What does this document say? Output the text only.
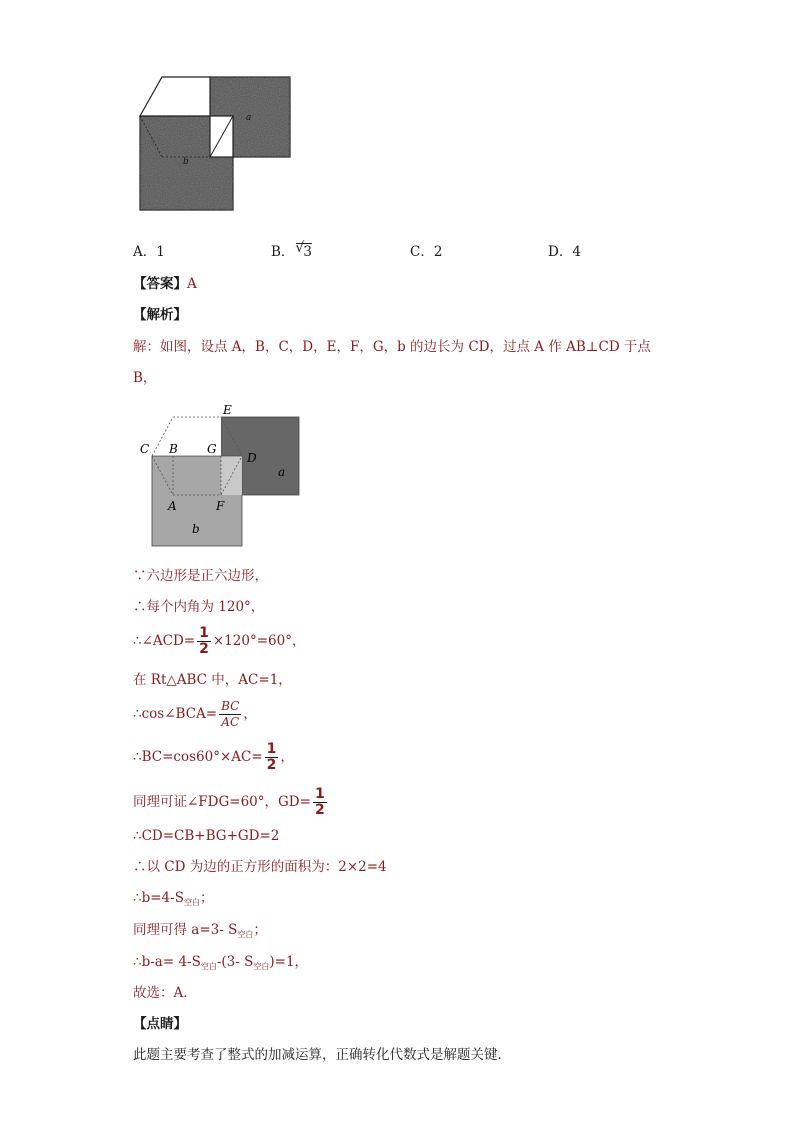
a
b
A．1	B． √ 3	C．2	D．4
【答案】A
【解析】
解：如图，设点 A，B，C，D，E，F，G，b 的边长为 CD，过点 A 作 AB⊥CD 于点
B，
E
C B G
D
a
A	F
b
∵六边形是正六边形，
∴每个内角为 120°，
∴∠ACD= $\frac{1}{2} \times 120^\circ=60^\circ$，
在 Rt△ABC 中，AC=1，
∴cos∠BCA= $\frac{BC}{AC}$ ，
∴BC=cos60°×AC= $\frac{1}{2}$ ，
同理可证∠FDG=60°，$GD= \frac{1}{2}$
∴CD=CB+BG+GD=2
∴以 CD 为边的正方形的面积为：2×2=4
$\therefore b=4-S_{空白}$；
同理可得 a=3- $S_{空白}$；
∴b-a= $4-S_{空白}-(3-$ $S_{空白})=1$，
故选：A．
【点睛】
此题主要考查了整式的加减运算，正确转化代数式是解题关键．
